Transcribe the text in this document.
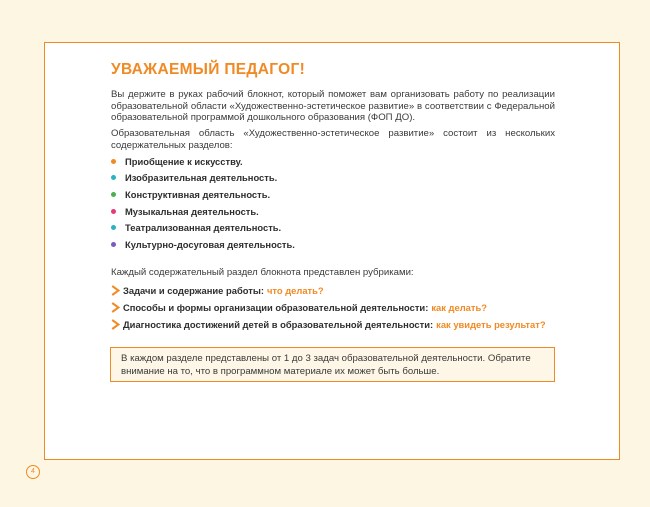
УВАЖАЕМЫЙ ПЕДАГОГ!

Вы держите в руках рабочий блокнот, который поможет вам организовать работу по реализации образовательной области «Художественно-эстетическое развитие» в соответствии с Федеральной образовательной программой дошкольного образования (ФОП ДО).

Образовательная область «Художественно-эстетическое развитие» состоит из нескольких содержательных разделов:

Приобщение к искусству.
Изобразительная деятельность.
Конструктивная деятельность.
Музыкальная деятельность.
Театрализованная деятельность.
Культурно-досуговая деятельность.

Каждый содержательный раздел блокнота представлен рубриками:

Задачи и содержание работы: что делать?
Способы и формы организации образовательной деятельности: как делать?
Диагностика достижений детей в образовательной деятельности: как увидеть результат?
В каждом разделе представлены от 1 до 3 задач образовательной деятельности. Обратите внимание на то, что в программном материале их может быть больше.
4
